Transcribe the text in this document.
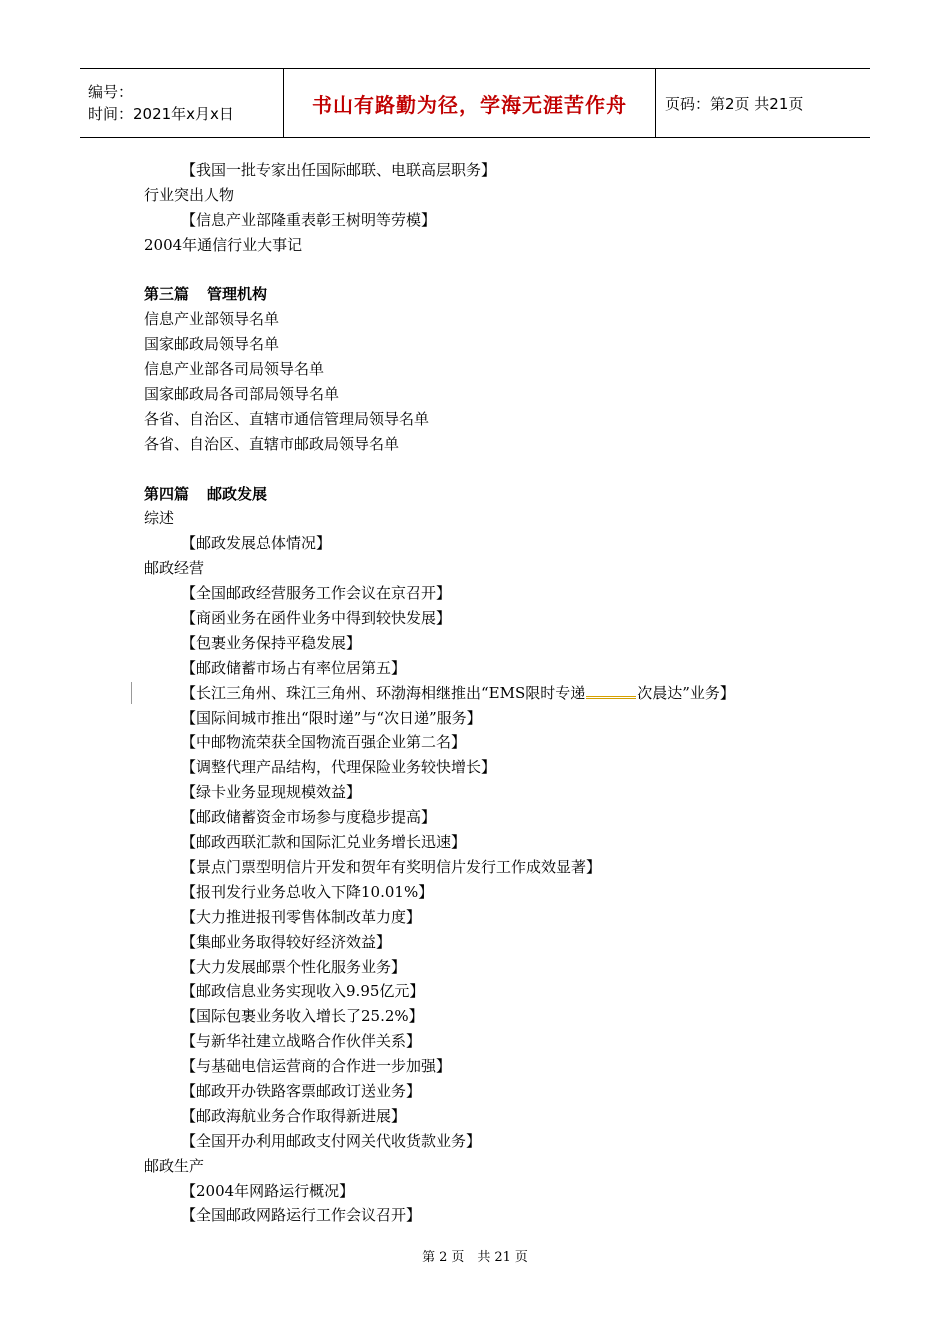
编号：
时间：2021年x月x日	书山有路勤为径，学海无涯苦作舟	页码：第2页 共21页
【我国一批专家出任国际邮联、电联高层职务】
行业突出人物
【信息产业部隆重表彰王树明等劳模】
2004年通信行业大事记
第三篇 管理机构
信息产业部领导名单
国家邮政局领导名单
信息产业部各司局领导名单
国家邮政局各司部局领导名单
各省、自治区、直辖市通信管理局领导名单
各省、自治区、直辖市邮政局领导名单
第四篇 邮政发展
综述
【邮政发展总体情况】
邮政经营
【全国邮政经营服务工作会议在京召开】
【商函业务在函件业务中得到较快发展】
【包裹业务保持平稳发展】
【邮政储蓄市场占有率位居第五】
【长江三角州、珠江三角州、环渤海相继推出“EMS限时专递	次晨达”业务】
【国际间城市推出“限时递”与“次日递”服务】
【中邮物流荣获全国物流百强企业第二名】
【调整代理产品结构，代理保险业务较快增长】
【绿卡业务显现规模效益】
【邮政储蓄资金市场参与度稳步提高】
【邮政西联汇款和国际汇兑业务增长迅速】
【景点门票型明信片开发和贺年有奖明信片发行工作成效显著】
【报刊发行业务总收入下降10.01%】
【大力推进报刊零售体制改革力度】
【集邮业务取得较好经济效益】
【大力发展邮票个性化服务业务】
【邮政信息业务实现收入9.95亿元】
【国际包裹业务收入增长了25.2%】
【与新华社建立战略合作伙伴关系】
【与基础电信运营商的合作进一步加强】
【邮政开办铁路客票邮政订送业务】
【邮政海航业务合作取得新进展】
【全国开办利用邮政支付网关代收货款业务】
邮政生产
【2004年网路运行概况】
【全国邮政网路运行工作会议召开】
第 2 页　共 21 页
